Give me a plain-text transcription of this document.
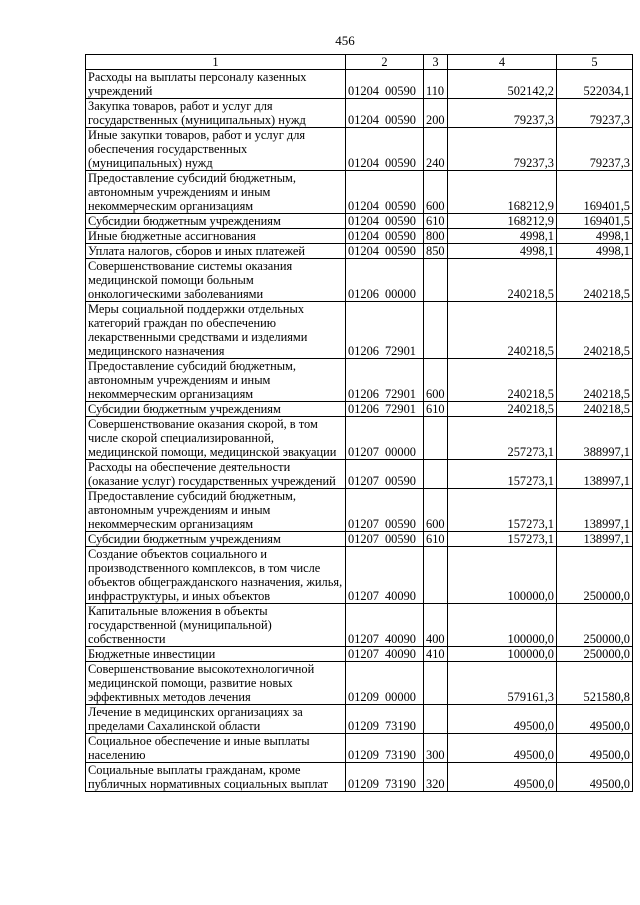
456
1	2	3	4	5
Расходы на выплаты персоналу казенных учреждений	01204 00590	110	502142,2	522034,1
Закупка товаров, работ и услуг для государственных (муниципальных) нужд	01204 00590	200	79237,3	79237,3
Иные закупки товаров, работ и услуг для обеспечения государственных (муниципальных) нужд	01204 00590	240	79237,3	79237,3
Предоставление субсидий бюджетным, автономным учреждениям и иным некоммерческим организациям	01204 00590	600	168212,9	169401,5
Субсидии бюджетным учреждениям	01204 00590	610	168212,9	169401,5
Иные бюджетные ассигнования	01204 00590	800	4998,1	4998,1
Уплата налогов, сборов и иных платежей	01204 00590	850	4998,1	4998,1
Совершенствование системы оказания медицинской помощи больным онкологическими заболеваниями	01206 00000		240218,5	240218,5
Меры социальной поддержки отдельных категорий граждан по обеспечению лекарственными средствами и изделиями медицинского назначения	01206 72901		240218,5	240218,5
Предоставление субсидий бюджетным, автономным учреждениям и иным некоммерческим организациям	01206 72901	600	240218,5	240218,5
Субсидии бюджетным учреждениям	01206 72901	610	240218,5	240218,5
Совершенствование оказания скорой, в том числе скорой специализированной, медицинской помощи, медицинской эвакуации	01207 00000		257273,1	388997,1
Расходы на обеспечение деятельности (оказание услуг) государственных учреждений	01207 00590		157273,1	138997,1
Предоставление субсидий бюджетным, автономным учреждениям и иным некоммерческим организациям	01207 00590	600	157273,1	138997,1
Субсидии бюджетным учреждениям	01207 00590	610	157273,1	138997,1
Создание объектов социального и производственного комплексов, в том числе объектов общегражданского назначения, жилья, инфраструктуры, и иных объектов	01207 40090		100000,0	250000,0
Капитальные вложения в объекты государственной (муниципальной) собственности	01207 40090	400	100000,0	250000,0
Бюджетные инвестиции	01207 40090	410	100000,0	250000,0
Совершенствование высокотехнологичной медицинской помощи, развитие новых эффективных методов лечения	01209 00000		579161,3	521580,8
Лечение в медицинских организациях за пределами Сахалинской области	01209 73190		49500,0	49500,0
Социальное обеспечение и иные выплаты населению	01209 73190	300	49500,0	49500,0
Социальные выплаты гражданам, кроме публичных нормативных социальных выплат	01209 73190	320	49500,0	49500,0
